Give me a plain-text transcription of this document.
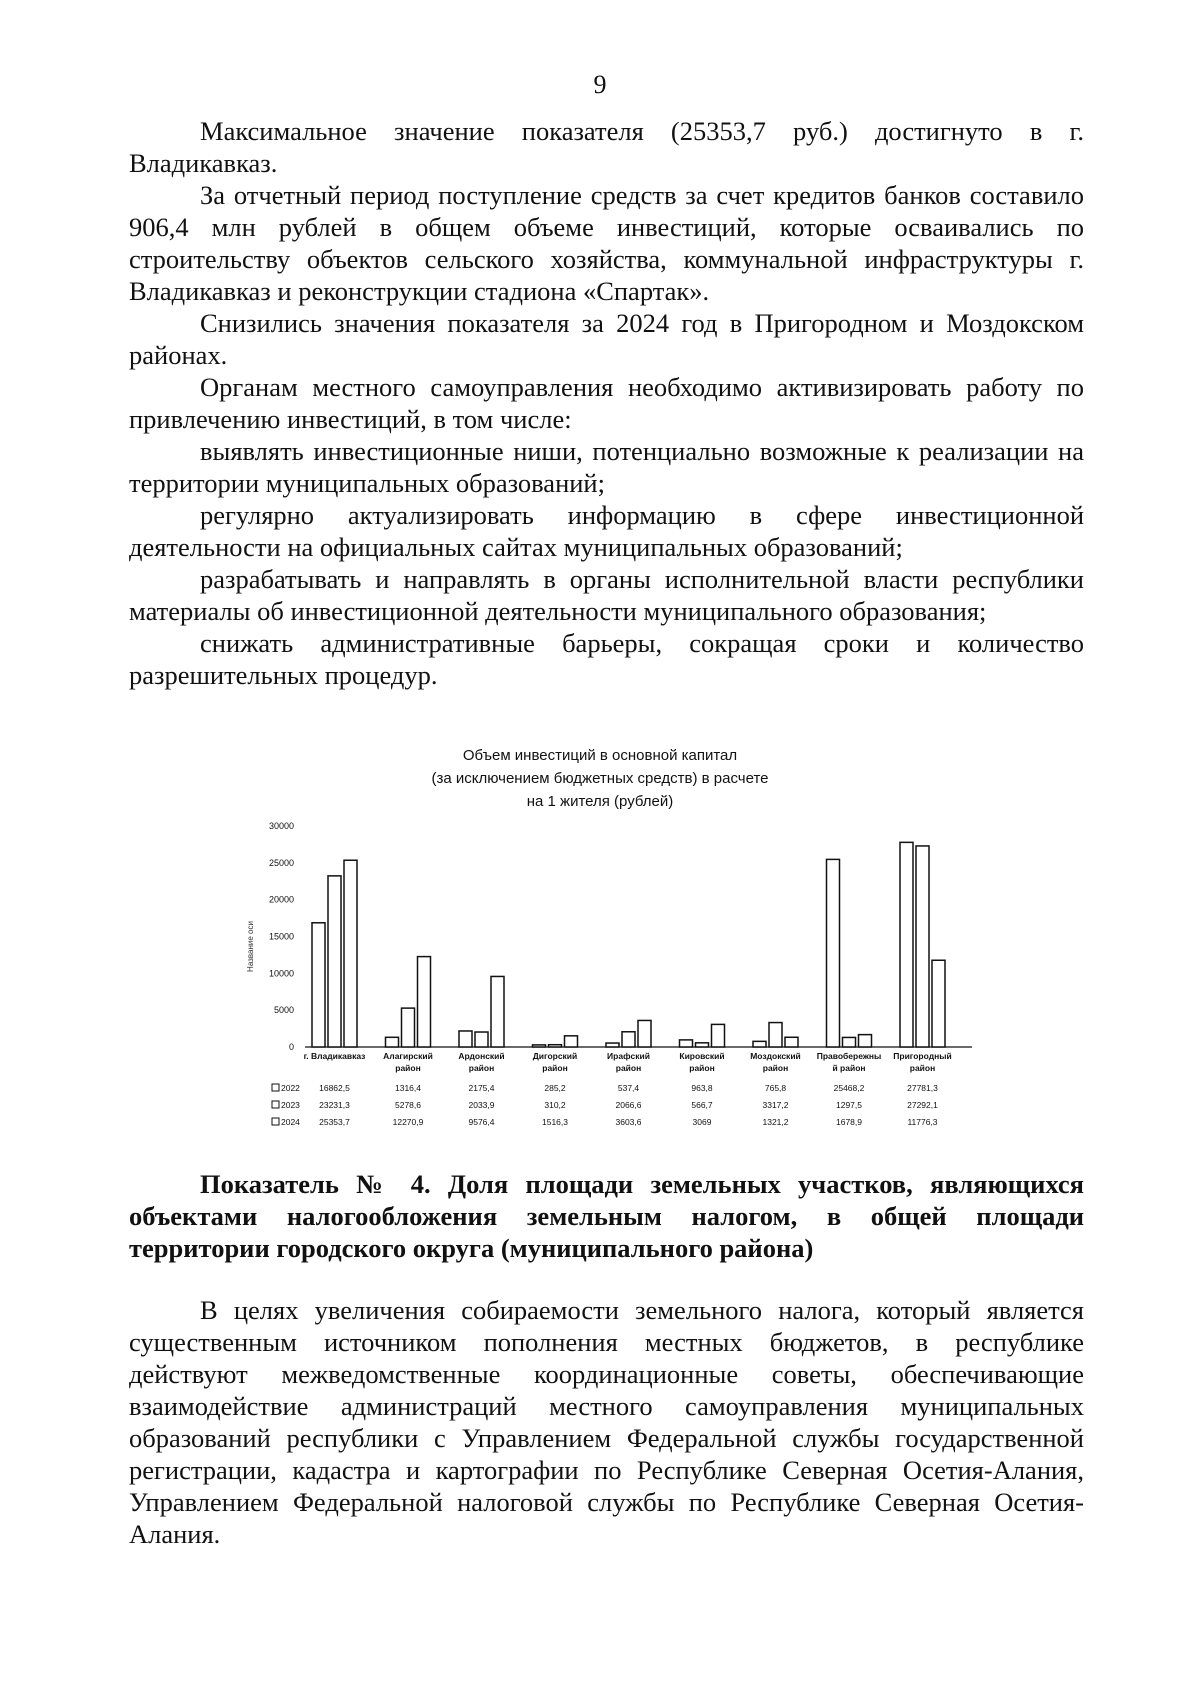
9

Максимальное значение показателя (25353,7 руб.) достигнуто в г. Владикавказ.

За отчетный период поступление средств за счет кредитов банков составило 906,4 млн рублей в общем объеме инвестиций, которые осваивались по строительству объектов сельского хозяйства, коммунальной инфраструктуры г. Владикавказ и реконструкции стадиона «Спартак».

Снизились значения показателя за 2024 год в Пригородном и Моздокском районах.

Органам местного самоуправления необходимо активизировать работу по привлечению инвестиций, в том числе:

выявлять инвестиционные ниши, потенциально возможные к реализации на территории муниципальных образований;

регулярно актуализировать информацию в сфере инвестиционной деятельности на официальных сайтах муниципальных образований;

разрабатывать и направлять в органы исполнительной власти республики материалы об инвестиционной деятельности муниципального образования;

снижать административные барьеры, сокращая сроки и количество разрешительных процедур.

Объем инвестиций в основной капитал
(за исключением бюджетных средств) в расчете
на 1 жителя (рублей)
0
5000
10000
15000
20000
25000
30000
Название оси
г. Владикавказ
16862,5
23231,3
25353,7
Алагирский
район
1316,4
5278,6
12270,9
Ардонский
район
2175,4
2033,9
9576,4
Дигорский
район
285,2
310,2
1516,3
Ирафский
район
537,4
2066,6
3603,6
Кировский
район
963,8
566,7
3069
Моздокский
район
765,8
3317,2
1321,2
Правобережны
й район
25468,2
1297,5
1678,9
Пригородный
район
27781,3
27292,1
11776,3
2022
2023
2024

Показатель № 4. Доля площади земельных участков, являющихся объектами налогообложения земельным налогом, в общей площади территории городского округа (муниципального района)

В целях увеличения собираемости земельного налога, который является существенным источником пополнения местных бюджетов, в республике действуют межведомственные координационные советы, обеспечивающие взаимодействие администраций местного самоуправления муниципальных образований республики с Управлением Федеральной службы государственной регистрации, кадастра и картографии по Республике Северная Осетия-Алания, Управлением Федеральной налоговой службы по Республике Северная Осетия-Алания.
